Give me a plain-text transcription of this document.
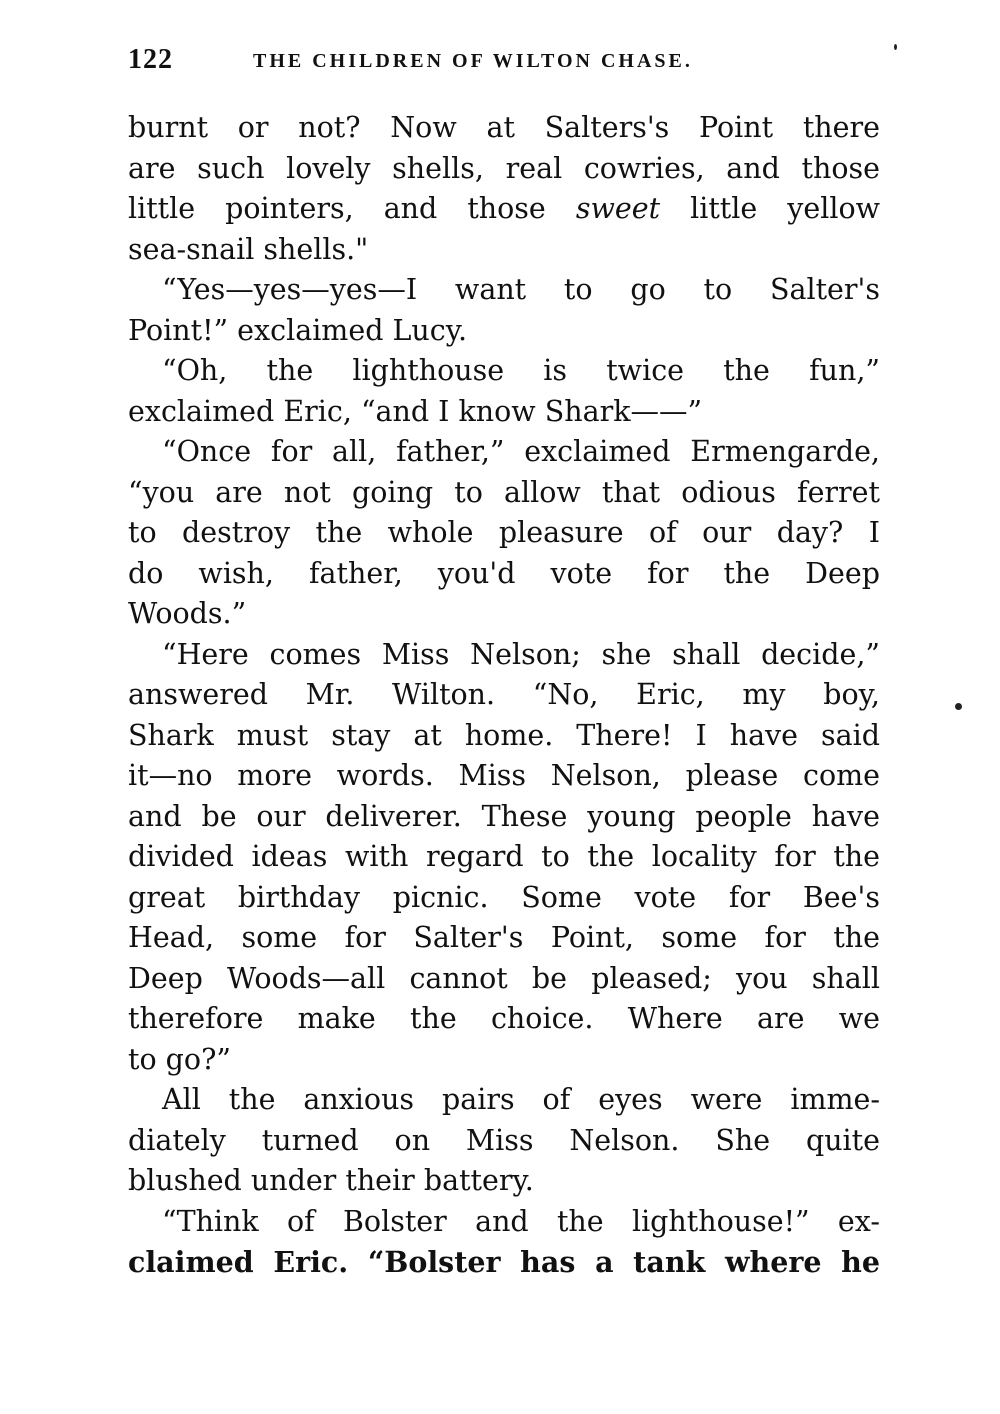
122	THE CHILDREN OF WILTON CHASE.
burnt or not? Now at Salters's Point there
are such lovely shells, real cowries, and those
little pointers, and those sweet little yellow
sea-snail shells."
“Yes—yes—yes—I want to go to Salter's
Point!” exclaimed Lucy.
“Oh, the lighthouse is twice the fun,”
exclaimed Eric, “and I know Shark——”
“Once for all, father,” exclaimed Ermengarde,
“you are not going to allow that odious ferret
to destroy the whole pleasure of our day? I
do wish, father, you'd vote for the Deep
Woods.”
“Here comes Miss Nelson; she shall decide,”
answered Mr. Wilton. “No, Eric, my boy,
Shark must stay at home. There! I have said
it—no more words. Miss Nelson, please come
and be our deliverer. These young people have
divided ideas with regard to the locality for the
great birthday picnic. Some vote for Bee's
Head, some for Salter's Point, some for the
Deep Woods—all cannot be pleased; you shall
therefore make the choice. Where are we
to go?”
All the anxious pairs of eyes were imme-
diately turned on Miss Nelson. She quite
blushed under their battery.
“Think of Bolster and the lighthouse!” ex-
claimed Eric. “Bolster has a tank where he
